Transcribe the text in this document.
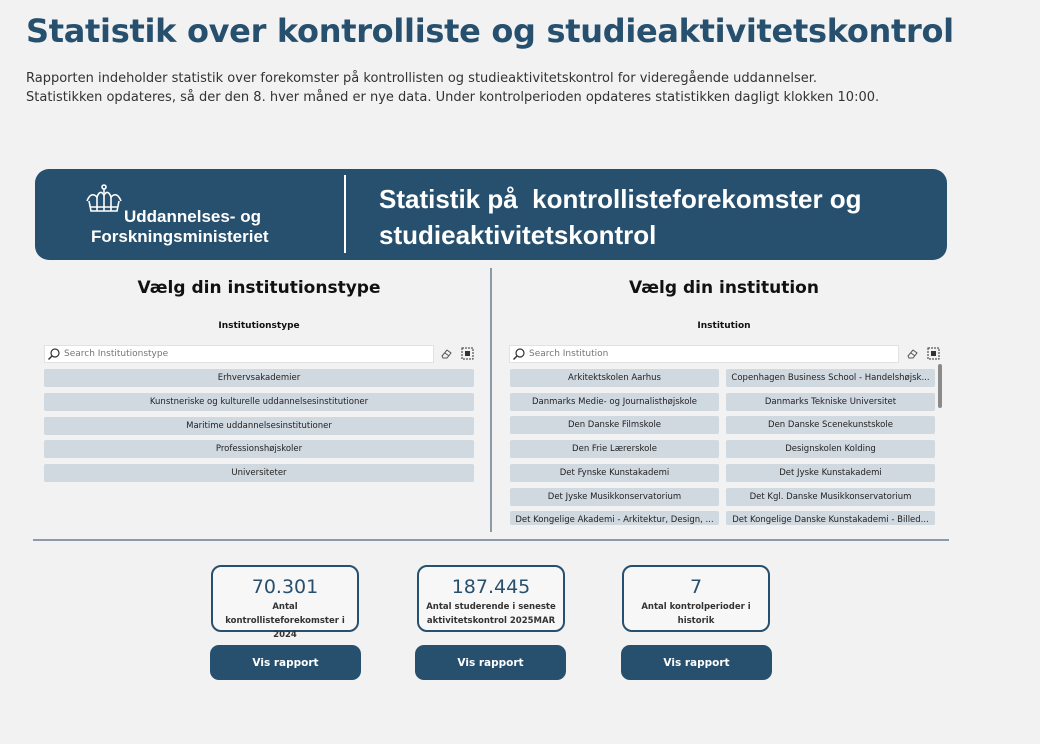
Statistik over kontrolliste og studieaktivitetskontrol
Rapporten indeholder statistik over forekomster på kontrollisten og studieaktivitetskontrol for videregående uddannelser.
Statistikken opdateres, så der den 8. hver måned er nye data. Under kontrolperioden opdateres statistikken dagligt klokken 10:00.
Uddannelses- og
Forskningsministeriet
Statistik på  kontrollisteforekomster og
studieaktivitetskontrol
Vælg din institutionstype	Vælg din institution
Institutionstype
Search Institutionstype
Erhvervsakademier
Kunstneriske og kulturelle uddannelsesinstitutioner
Maritime uddannelsesinstitutioner
Professionshøjskoler
Universiteter
Institution
Search Institution
Arkitektskolen Aarhus	Copenhagen Business School - Handelshøjsk...
Danmarks Medie- og Journalisthøjskole	Danmarks Tekniske Universitet
Den Danske Filmskole	Den Danske Scenekunstskole
Den Frie Lærerskole	Designskolen Kolding
Det Fynske Kunstakademi	Det Jyske Kunstakademi
Det Jyske Musikkonservatorium	Det Kgl. Danske Musikkonservatorium
Det Kongelige Akademi - Arkitektur, Design, ...	Det Kongelige Danske Kunstakademi - Billed...
70.301
Antal kontrollisteforekomster i 2024
187.445
Antal studerende i seneste aktivitetskontrol 2025MAR
7
Antal kontrolperioder i historik
Vis rapport	Vis rapport	Vis rapport
